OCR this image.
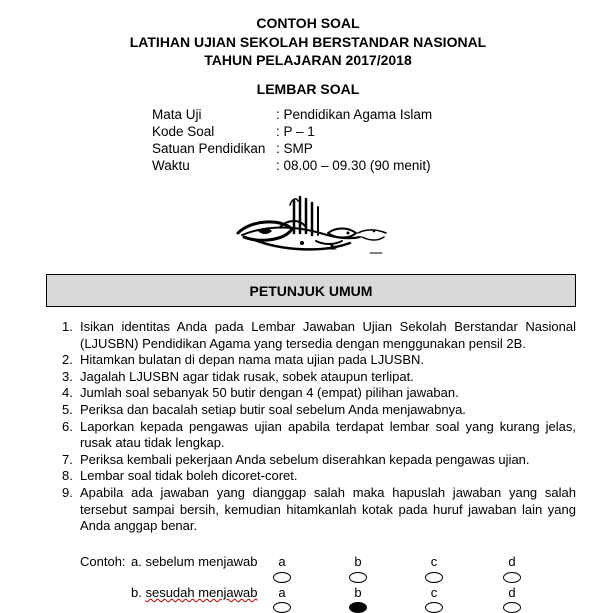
CONTOH SOAL
LATIHAN UJIAN SEKOLAH BERSTANDAR NASIONAL
TAHUN PELAJARAN 2017/2018
LEMBAR SOAL
Mata Uji	: Pendidikan Agama Islam
Kode Soal	: P – 1
Satuan Pendidikan : SMP
Waktu	: 08.00 – 09.30 (90 menit)
PETUNJUK UMUM
1. Isikan identitas Anda pada Lembar Jawaban Ujian Sekolah Berstandar Nasional (LJUSBN) Pendidikan Agama yang tersedia dengan menggunakan pensil 2B.
2. Hitamkan bulatan di depan nama mata ujian pada LJUSBN.
3. Jagalah LJUSBN agar tidak rusak, sobek ataupun terlipat.
4. Jumlah soal sebanyak 50 butir dengan 4 (empat) pilihan jawaban.
5. Periksa dan bacalah setiap butir soal sebelum Anda menjawabnya.
6. Laporkan kepada pengawas ujian apabila terdapat lembar soal yang kurang jelas, rusak atau tidak lengkap.
7. Periksa kembali pekerjaan Anda sebelum diserahkan kepada pengawas ujian.
8. Lembar soal tidak boleh dicoret-coret.
9. Apabila ada jawaban yang dianggap salah maka hapuslah jawaban yang salah tersebut sampai bersih, kemudian hitamkanlah kotak pada huruf jawaban lain yang Anda anggap benar.
Contoh: a. sebelum menjawab	a	b	c	d
b. sesudah menjawab	a	b	c	d
